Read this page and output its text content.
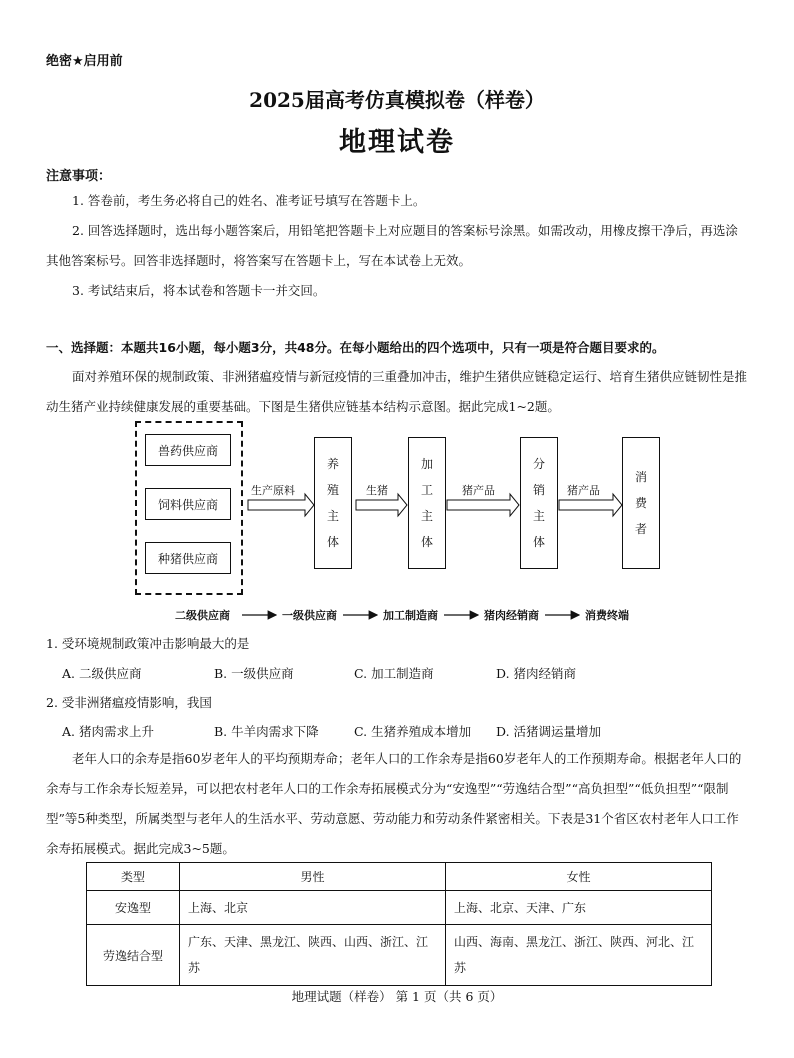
绝密★启用前
2025届高考仿真模拟卷（样卷）
地理试卷
注意事项：
1. 答卷前，考生务必将自己的姓名、准考证号填写在答题卡上。
2. 回答选择题时，选出每小题答案后，用铅笔把答题卡上对应题目的答案标号涂黑。如需改动，用橡皮擦干净后，再选涂其他答案标号。回答非选择题时，将答案写在答题卡上，写在本试卷上无效。
3. 考试结束后，将本试卷和答题卡一并交回。
一、选择题：本题共16小题，每小题3分，共48分。在每小题给出的四个选项中，只有一项是符合题目要求的。
面对养殖环保的规制政策、非洲猪瘟疫情与新冠疫情的三重叠加冲击，维护生猪供应链稳定运行、培育生猪供应链韧性是推动生猪产业持续健康发展的重要基础。下图是生猪供应链基本结构示意图。据此完成1~2题。
兽药供应商
饲料供应商
种猪供应商
生产原料	生猪	猪产品	猪产品
养
殖
主
体
加
工
主
体
分
销
主
体
消
费
者
二级供应商	一级供应商	加工制造商	猪肉经销商	消费终端
1. 受环境规制政策冲击影响最大的是
A. 二级供应商	B. 一级供应商	C. 加工制造商	D. 猪肉经销商
2. 受非洲猪瘟疫情影响，我国
A. 猪肉需求上升	B. 牛羊肉需求下降	C. 生猪养殖成本增加 D. 活猪调运量增加
老年人口的余寿是指60岁老年人的平均预期寿命；老年人口的工作余寿是指60岁老年人的工作预期寿命。根据老年人口的余寿与工作余寿长短差异，可以把农村老年人口的工作余寿拓展模式分为“安逸型”“劳逸结合型”“高负担型”“低负担型”“限制型”等5种类型，所属类型与老年人的生活水平、劳动意愿、劳动能力和劳动条件紧密相关。下表是31个省区农村老年人口工作余寿拓展模式。据此完成3~5题。
类型	男性	女性
安逸型	上海、北京	上海、北京、天津、广东
劳逸结合型	广东、天津、黑龙江、陕西、山西、浙江、江苏	山西、海南、黑龙江、浙江、陕西、河北、江苏
地理试题（样卷） 第 1 页（共 6 页）
